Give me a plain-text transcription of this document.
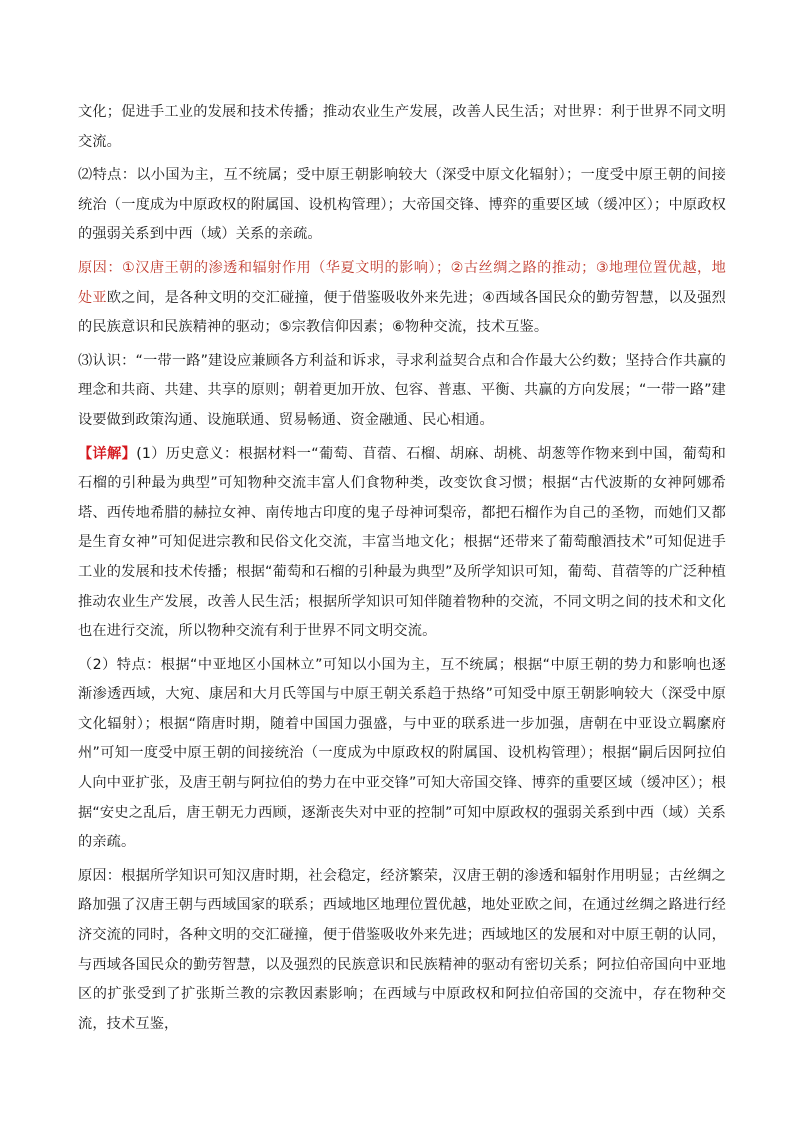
文化；促进手工业的发展和技术传播；推动农业生产发展，改善人民生活；对世界：利于世界不同文明交流。

⑵特点：以小国为主，互不统属；受中原王朝影响较大（深受中原文化辐射）；一度受中原王朝的间接统治（一度成为中原政权的附属国、设机构管理）；大帝国交锋、博弈的重要区域（缓冲区）；中原政权的强弱关系到中西（域）关系的亲疏。

原因：①汉唐王朝的渗透和辐射作用（华夏文明的影响）；②古丝绸之路的推动；③地理位置优越，地处亚欧之间，是各种文明的交汇碰撞，便于借鉴吸收外来先进；④西域各国民众的勤劳智慧，以及强烈的民族意识和民族精神的驱动；⑤宗教信仰因素；⑥物种交流，技术互鉴。

⑶认识：“一带一路”建设应兼顾各方利益和诉求，寻求利益契合点和合作最大公约数；坚持合作共赢的理念和共商、共建、共享的原则；朝着更加开放、包容、普惠、平衡、共赢的方向发展；“一带一路”建设要做到政策沟通、设施联通、贸易畅通、资金融通、民心相通。

【详解】(1）历史意义：根据材料一“葡萄、苜蓿、石榴、胡麻、胡桃、胡葱等作物来到中国，葡萄和石榴的引种最为典型”可知物种交流丰富人们食物种类，改变饮食习惯；根据“古代波斯的女神阿娜希塔、西传地希腊的赫拉女神、南传地古印度的鬼子母神诃梨帝，都把石榴作为自己的圣物，而她们又都是生育女神”可知促进宗教和民俗文化交流，丰富当地文化；根据“还带来了葡萄酿酒技术”可知促进手工业的发展和技术传播；根据“葡萄和石榴的引种最为典型”及所学知识可知，葡萄、苜蓿等的广泛种植推动农业生产发展，改善人民生活；根据所学知识可知伴随着物种的交流，不同文明之间的技术和文化也在进行交流，所以物种交流有利于世界不同文明交流。

（2）特点：根据“中亚地区小国林立”可知以小国为主，互不统属；根据“中原王朝的势力和影响也逐渐渗透西域，大宛、康居和大月氏等国与中原王朝关系趋于热络”可知受中原王朝影响较大（深受中原文化辐射）；根据“隋唐时期，随着中国国力强盛，与中亚的联系进一步加强，唐朝在中亚设立羁縻府州”可知一度受中原王朝的间接统治（一度成为中原政权的附属国、设机构管理）；根据“嗣后因阿拉伯人向中亚扩张，及唐王朝与阿拉伯的势力在中亚交锋”可知大帝国交锋、博弈的重要区域（缓冲区）；根据“安史之乱后，唐王朝无力西顾，逐渐丧失对中亚的控制”可知中原政权的强弱关系到中西（域）关系的亲疏。

原因：根据所学知识可知汉唐时期，社会稳定，经济繁荣，汉唐王朝的渗透和辐射作用明显；古丝绸之路加强了汉唐王朝与西域国家的联系；西域地区地理位置优越，地处亚欧之间，在通过丝绸之路进行经济交流的同时，各种文明的交汇碰撞，便于借鉴吸收外来先进；西域地区的发展和对中原王朝的认同，与西域各国民众的勤劳智慧，以及强烈的民族意识和民族精神的驱动有密切关系；阿拉伯帝国向中亚地区的扩张受到了扩张斯兰教的宗教因素影响；在西域与中原政权和阿拉伯帝国的交流中，存在物种交流，技术互鉴，
